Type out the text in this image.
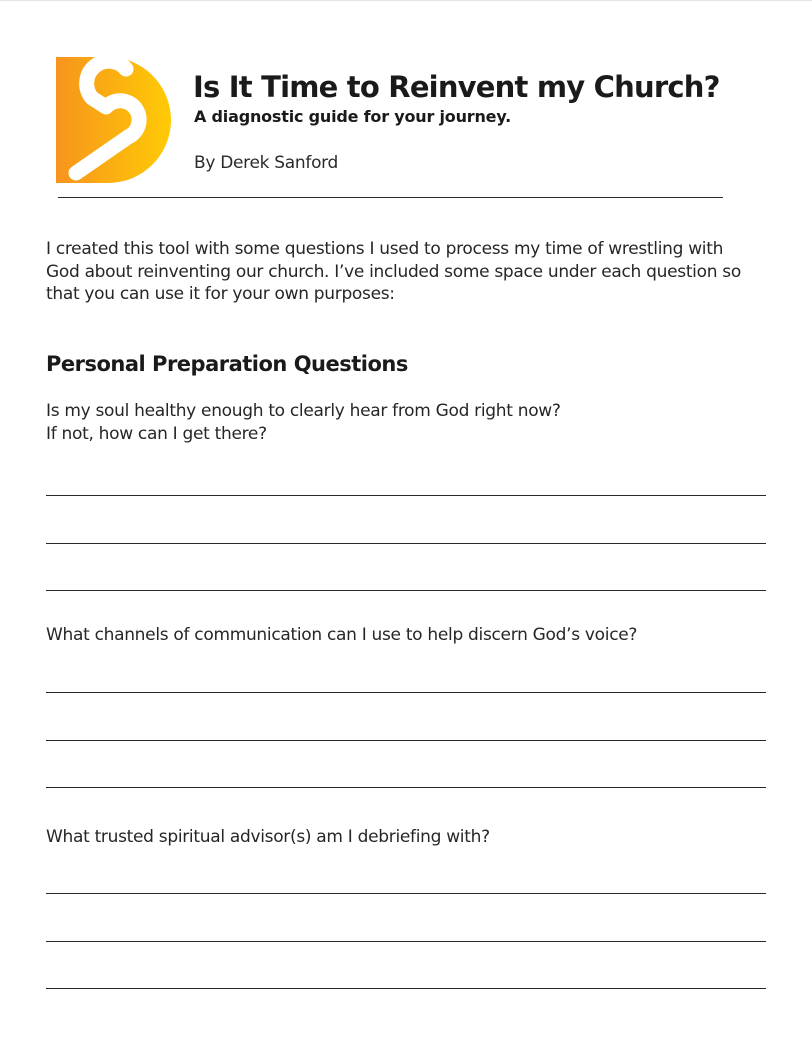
Is It Time to Reinvent my Church?
A diagnostic guide for your journey.
By Derek Sanford

I created this tool with some questions I used to process my time of wrestling with
God about reinventing our church. I’ve included some space under each question so
that you can use it for your own purposes:

Personal Preparation Questions

Is my soul healthy enough to clearly hear from God right now?
If not, how can I get there?

What channels of communication can I use to help discern God’s voice?

What trusted spiritual advisor(s) am I debriefing with?
